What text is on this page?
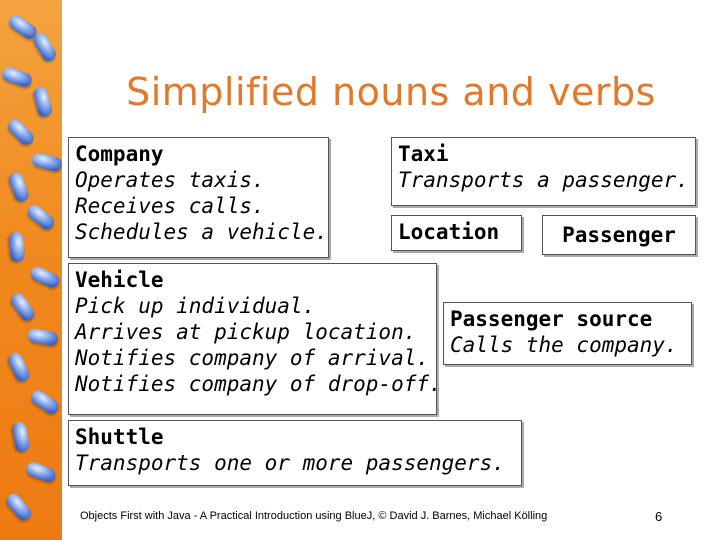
Simplified nouns and verbs
Company
Operates taxis.
Receives calls.
Schedules a vehicle.
Taxi
Transports a passenger.
Location	Passenger
Vehicle
Pick up individual.
Arrives at pickup location.
Notifies company of arrival.
Notifies company of drop-off.
Passenger source
Calls the company.
Shuttle
Transports one or more passengers.
Objects First with Java - A Practical Introduction using BlueJ, © David J. Barnes, Michael Kölling	6
